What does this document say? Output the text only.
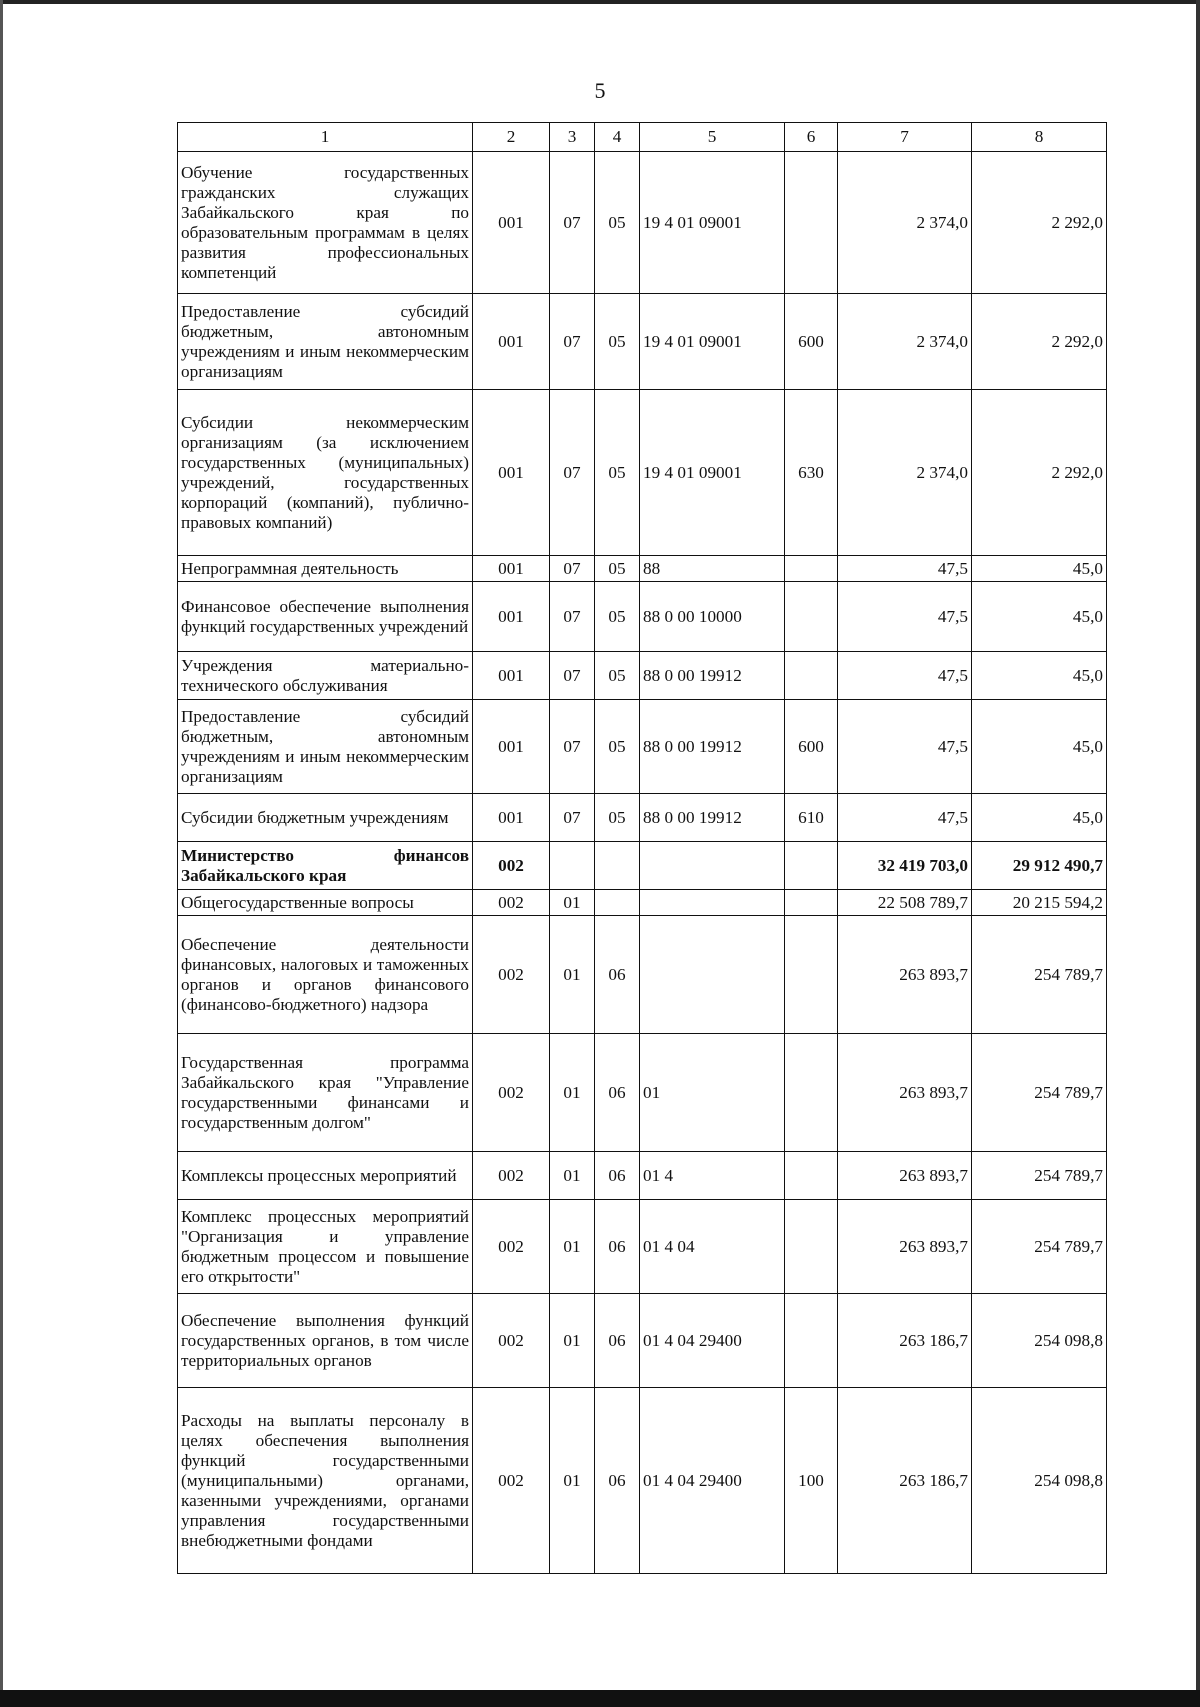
5
1	2	3	4	5	6	7	8
Обучение государственных гражданских служащих Забайкальского края по образовательным программам в целях развития профессиональных компетенций	001	07	05	19 4 01 09001		2 374,0	2 292,0
Предоставление субсидий бюджетным, автономным учреждениям и иным некоммерческим организациям	001	07	05	19 4 01 09001	600	2 374,0	2 292,0
Субсидии некоммерческим организациям (за исключением государственных (муниципальных) учреждений, государственных корпораций (компаний), публично-правовых компаний)	001	07	05	19 4 01 09001	630	2 374,0	2 292,0
Непрограммная деятельность	001	07	05	88		47,5	45,0
Финансовое обеспечение выполнения функций государственных учреждений	001	07	05	88 0 00 10000		47,5	45,0
Учреждения материально-технического обслуживания	001	07	05	88 0 00 19912		47,5	45,0
Предоставление субсидий бюджетным, автономным учреждениям и иным некоммерческим организациям	001	07	05	88 0 00 19912	600	47,5	45,0
Субсидии бюджетным учреждениям	001	07	05	88 0 00 19912	610	47,5	45,0
Министерство финансов Забайкальского края	002					32 419 703,0	29 912 490,7
Общегосударственные вопросы	002	01				22 508 789,7	20 215 594,2
Обеспечение деятельности финансовых, налоговых и таможенных органов и органов финансового (финансово-бюджетного) надзора	002	01	06			263 893,7	254 789,7
Государственная программа Забайкальского края "Управление государственными финансами и государственным долгом"	002	01	06	01		263 893,7	254 789,7
Комплексы процессных мероприятий	002	01	06	01 4		263 893,7	254 789,7
Комплекс процессных мероприятий "Организация и управление бюджетным процессом и повышение его открытости"	002	01	06	01 4 04		263 893,7	254 789,7
Обеспечение выполнения функций государственных органов, в том числе территориальных органов	002	01	06	01 4 04 29400		263 186,7	254 098,8
Расходы на выплаты персоналу в целях обеспечения выполнения функций государственными (муниципальными) органами, казенными учреждениями, органами управления государственными внебюджетными фондами	002	01	06	01 4 04 29400	100	263 186,7	254 098,8
